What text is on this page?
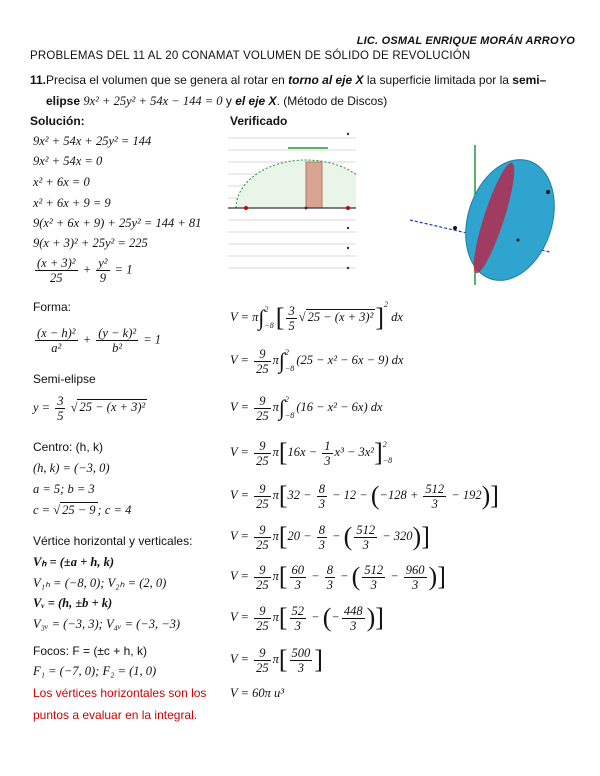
LIC. OSMAL ENRIQUE MORÁN ARROYO
PROBLEMAS DEL 11 AL 20 CONAMAT VOLUMEN DE SÓLIDO DE REVOLUCIÓN
11.Precisa el volumen que se genera al rotar en torno al eje X la superficie limitada por la semi–
elipse 9x² + 25y² + 54x − 144 = 0 y el eje X. (Método de Discos)
Solución:	Verificado
9x² + 54x + 25y² = 144
9x² + 54x = 0
x² + 6x = 0
x² + 6x + 9 = 9
9(x² + 6x + 9) + 25y² = 144 + 81
9(x + 3)² + 25y² = 225
$\frac{\text{(x + 3)²}}{25} + \frac{\text{y²}}{9} = 1$
Forma:
$\frac{\text{(x − h)²}}{\text{a²}} + \frac{\text{(y − k)²}}{\text{b²}} = 1$
Semi-elipse
$y = \frac{3}{5}$ √ 25 − (x + 3)²
Centro: (h, k)
(h, k) = (−3, 0)
a = 5; b = 3
c = √ 25 − 9 ; c = 4
Vértice horizontal y verticales:
Vₕ = (±a + h, k)
V₁ₕ = (−8, 0); V₂ₕ = (2, 0)
Vᵥ = (h, ±b + k)
V₃ᵥ = (−3, 3); V₄ᵥ = (−3, −3)
Focos: F = (±c + h, k)
F₁ = (−7, 0); F₂ = (1, 0)
Los vértices horizontales son los
puntos a evaluar en la integral.
V = π∫ 2
−8 [ $\frac{3}{5}$ √ 25 − (x + 3)²]$^2$ dx
$V = \frac{9}{25} \pi\int$ 2
−8
(25 − x² − 6x − 9) dx
$V = \frac{9}{25} \pi\int$ 2
−8
(16 − x² − 6x) dx
$V = \frac{9}{25} \pi[16x - \frac{1}{3} x^3 - 3x^2]$ 2
−8
$V = \frac{9}{25} \pi[32 - \frac{8}{3} - 12 - (-128 + \frac{512}{3} - 192)]$
$V = \frac{9}{25} \pi[20 - \frac{8}{3}$ − ( $\frac{512}{3} - 320$)]
$V = \frac{9}{25} \pi[ \frac{60}{3} - \frac{8}{3}$ − ( $\frac{512}{3} - \frac{960}{3}$ )]
$V = \frac{9}{25} \pi[ \frac{52}{3}$ − (− $\frac{448}{3}$ )]
$V = \frac{9}{25} \pi[ \frac{500}{3}$ ]
V = 60π u³
